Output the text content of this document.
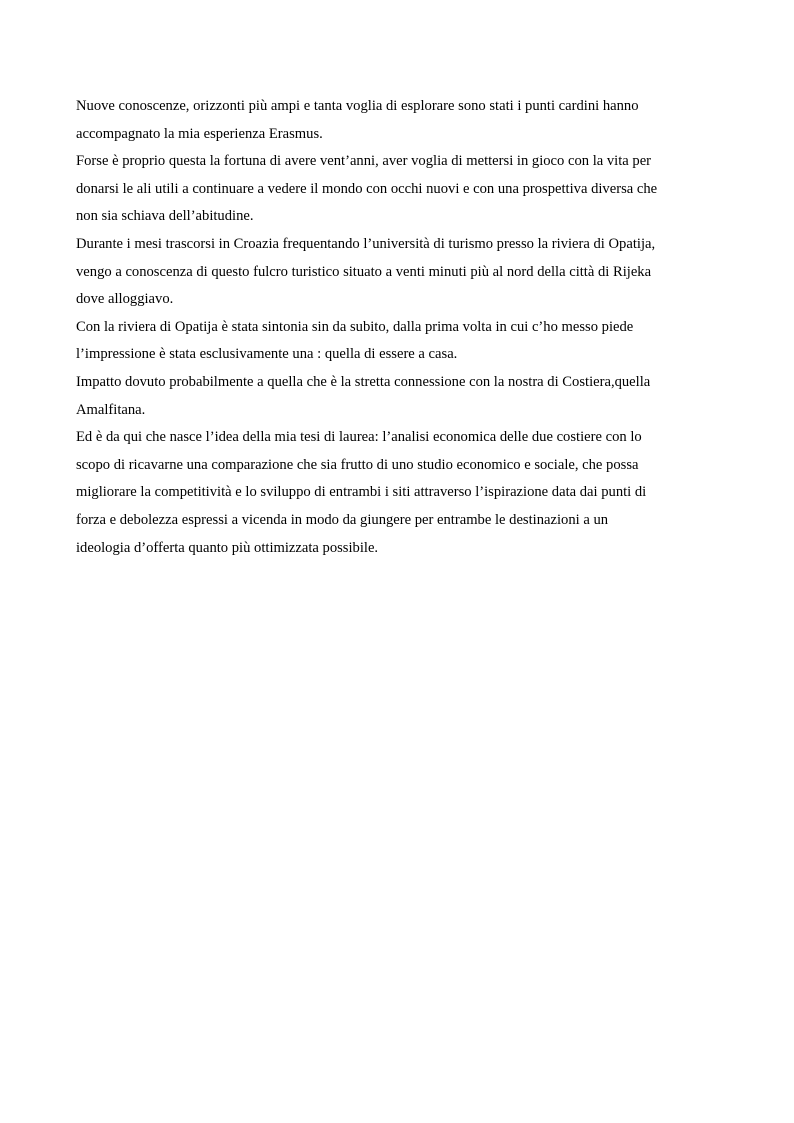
Nuove conoscenze, orizzonti più ampi e tanta voglia di esplorare sono stati i punti cardini hanno
accompagnato la mia esperienza Erasmus.

Forse è proprio questa la fortuna di avere vent’anni, aver voglia di mettersi in gioco con la vita per
donarsi le ali utili a continuare a vedere il mondo con occhi nuovi e con una prospettiva diversa che
non sia schiava dell’abitudine.

Durante i mesi trascorsi in Croazia frequentando l’università di turismo presso la riviera di Opatija,
vengo a conoscenza di questo fulcro turistico situato a venti minuti più al nord della città di Rijeka
dove alloggiavo.

Con la riviera di Opatija è stata sintonia sin da subito, dalla prima volta in cui c’ho messo piede
l’impressione è stata esclusivamente una : quella di essere a casa.

Impatto dovuto probabilmente a quella che è la stretta connessione con la nostra di Costiera,quella
Amalfitana.

Ed è da qui che nasce l’idea della mia tesi di laurea: l’analisi economica delle due costiere con lo
scopo di ricavarne una comparazione che sia frutto di uno studio economico e sociale, che possa
migliorare la competitività e lo sviluppo di entrambi i siti attraverso l’ispirazione data dai punti di
forza e debolezza espressi a vicenda in modo da giungere per entrambe le destinazioni a un
ideologia d’offerta quanto più ottimizzata possibile.
